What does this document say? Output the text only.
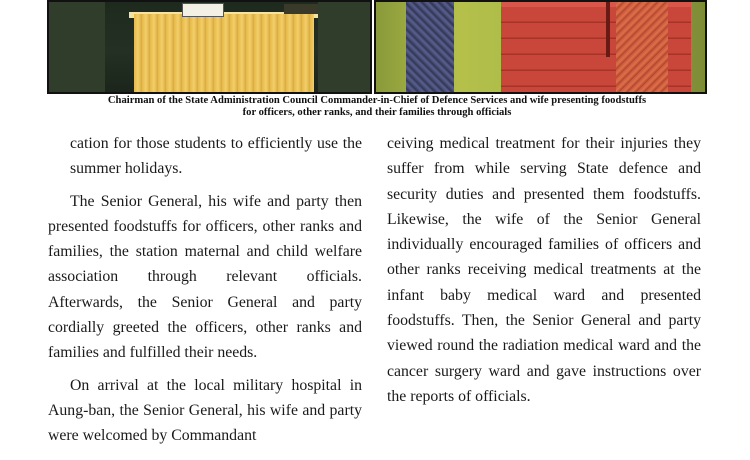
Chairman of the State Administration Council Commander-in-Chief of Defence Services and wife presenting foodstuffs
for officers, other ranks, and their families through officials

cation for those students to efficiently use the summer holidays.

The Senior General, his wife and party then presented foodstuffs for officers, other ranks and families, the station maternal and child welfare association through relevant officials. Afterwards, the Senior General and party cordially greeted the officers, other ranks and families and fulfilled their needs.

On arrival at the local military hospital in Aung-ban, the Senior General, his wife and party were welcomed by Commandant

ceiving medical treatment for their injuries they suffer from while serving State defence and security duties and presented them foodstuffs. Likewise, the wife of the Senior General individually encouraged families of officers and other ranks receiving medical treatments at the infant baby medical ward and presented foodstuffs. Then, the Senior General and party viewed round the radiation medical ward and the cancer surgery ward and gave instructions over the reports of officials.
